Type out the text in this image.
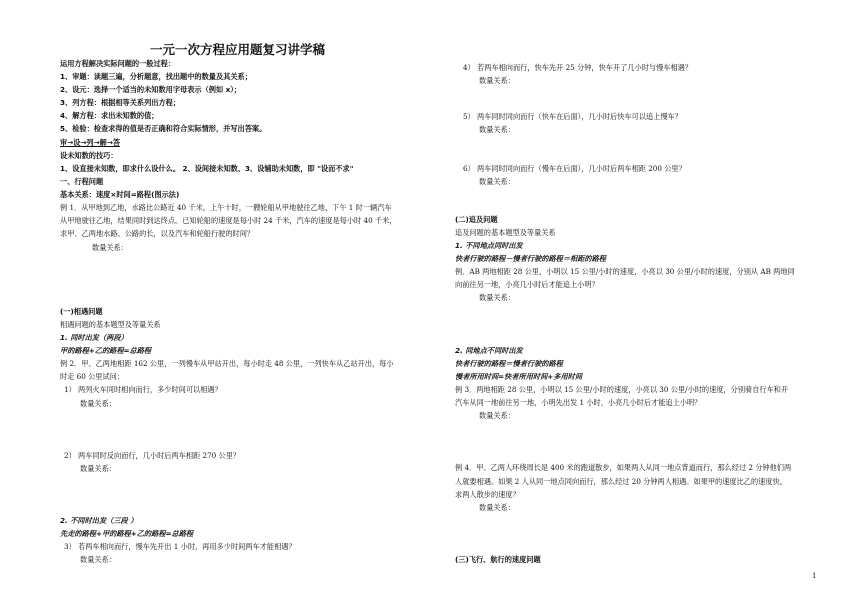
一元一次方程应用题复习讲学稿
运用方程解决实际问题的一般过程：
1、审题：读题三遍，分析题意，找出题中的数量及其关系；
2、设元：选择一个适当的未知数用字母表示（例如 x）；
3、列方程：根据相等关系列出方程；
4、解方程：求出未知数的值；
5、检验：检查求得的值是否正确和符合实际情形，并写出答案。
审→设→列→解→答
设未知数的技巧：
1、设直接未知数，即求什么设什么。 2、设间接未知数、3、设辅助未知数，即 "设而不求"
一、行程问题
基本关系：速度×时间=路程(图示法)
例 1．从甲地到乙地，水路比公路近 40 千米，上午十时，一艘轮船从甲地驶往乙地，下午 1 时一辆汽车
从甲地驶往乙地，结果同时到达终点。已知轮船的速度是每小时 24 千米，汽车的速度是每小时 40 千米，
求甲、乙两地水路、公路的长，以及汽车和轮船行驶的时间？
数量关系：
(一)相遇问题
相遇问题的基本题型及等量关系
1. 同时出发（两段）
甲的路程+乙的路程=总路程
例 2．甲、乙两地相距 162 公里，一列慢车从甲站开出，每小时走 48 公里，一列快车从乙站开出，每小
时走 60 公里试问：
1） 两列火车同时相向而行，多少时间可以相遇？
数量关系：
2） 两车同时反向而行，几小时后两车相距 270 公里？
数量关系：
2. 不同时出发（三段 ）
先走的路程+甲的路程+乙的路程=总路程
3） 若两车相向而行，慢车先开出 1 小时，再用多少时间两车才能相遇？
数量关系：
4） 若两车相向而行，快车先开 25 分钟，快车开了几小时与慢车相遇？
数量关系：
5） 两车同时同向而行（快车在后面），几小时后快车可以追上慢车？
数量关系：
6） 两车同时同向而行（慢车在后面），几小时后两车相距 200 公里？
数量关系：
(二)追及问题
追及问题的基本题型及等量关系
1. 不同地点同时出发
快者行驶的路程－慢者行驶的路程＝相距的路程
例．AB 两地相距 28 公里，小明以 15 公里/小时的速度，小亮以 30 公里/小时的速度，分别从 AB 两地同
向前往另一地，小亮几小时后才能追上小明？
数量关系：
2. 同地点不同时出发
快者行驶的路程＝慢者行驶的路程
慢者所用时间=快者所用时间+多用时间
例 3．两地相距 28 公里，小明以 15 公里/小时的速度，小亮以 30 公里/小时的速度，分别骑自行车和开
汽车从同一地前往另一地，小明先出发 1 小时，小亮几小时后才能追上小明？
数量关系：
例 4．甲、乙两人环绕周长是 400 米的跑道散步，如果两人从同一地点背道而行，那么经过 2 分钟他们两
人就要相遇。如果 2 人从同一地点同向而行，那么经过 20 分钟两人相遇。如果甲的速度比乙的速度快，
求两人散步的速度？
数量关系：
(三)飞行、航行的速度问题
1
